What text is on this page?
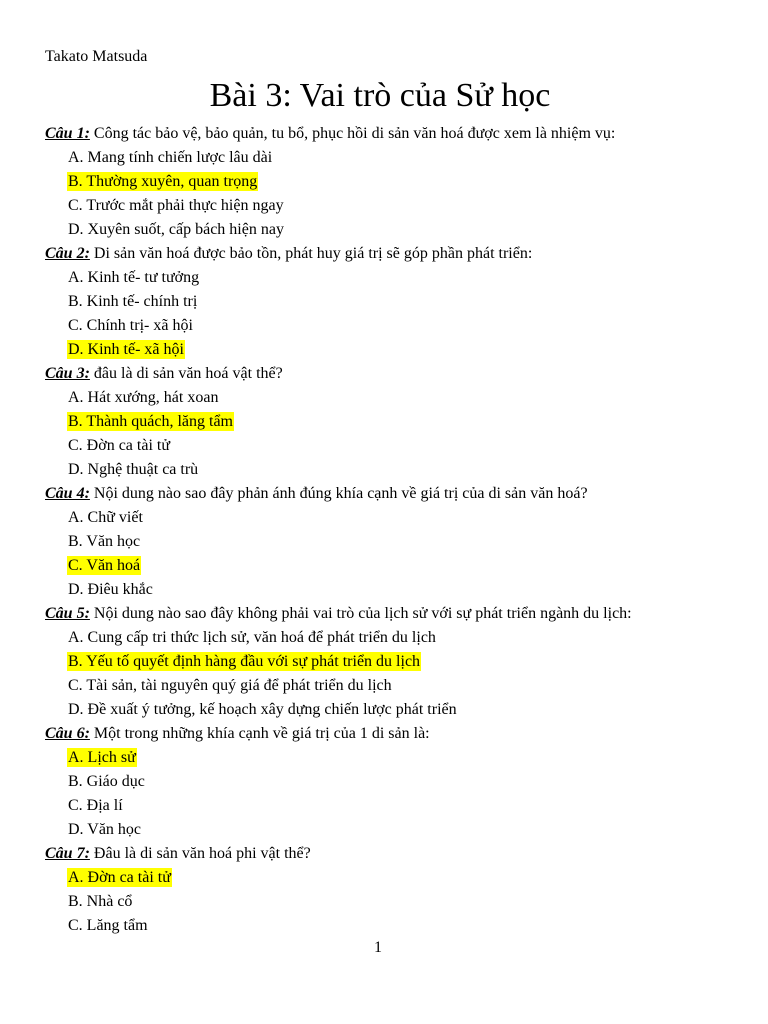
Takato Matsuda
Bài 3: Vai trò của Sử học
Câu 1: Công tác bảo vệ, bảo quản, tu bổ, phục hồi di sản văn hoá được xem là nhiệm vụ:
A. Mang tính chiến lược lâu dài
B. Thường xuyên, quan trọng
C. Trước mắt phải thực hiện ngay
D. Xuyên suốt, cấp bách hiện nay
Câu 2: Di sản văn hoá được bảo tồn, phát huy giá trị sẽ góp phần phát triển:
A. Kinh tế- tư tưởng
B. Kinh tế- chính trị
C. Chính trị- xã hội
D. Kinh tế- xã hội
Câu 3: đâu là di sản văn hoá vật thể?
A. Hát xướng, hát xoan
B. Thành quách, lăng tẩm
C. Đờn ca tài tử
D. Nghệ thuật ca trù
Câu 4: Nội dung nào sao đây phản ánh đúng khía cạnh về giá trị của di sản văn hoá?
A. Chữ viết
B. Văn học
C. Văn hoá
D. Điêu khắc
Câu 5: Nội dung nào sao đây không phải vai trò của lịch sử với sự phát triển ngành du lịch:
A. Cung cấp tri thức lịch sử, văn hoá để phát triển du lịch
B. Yếu tố quyết định hàng đầu với sự phát triển du lịch
C. Tài sản, tài nguyên quý giá để phát triển du lịch
D. Đề xuất ý tưởng, kế hoạch xây dựng chiến lược phát triển
Câu 6: Một trong những khía cạnh về giá trị của 1 di sản là:
A. Lịch sử
B. Giáo dục
C. Địa lí
D. Văn học
Câu 7: Đâu là di sản văn hoá phi vật thể?
A. Đờn ca tài tử
B. Nhà cổ
C. Lăng tẩm
1
